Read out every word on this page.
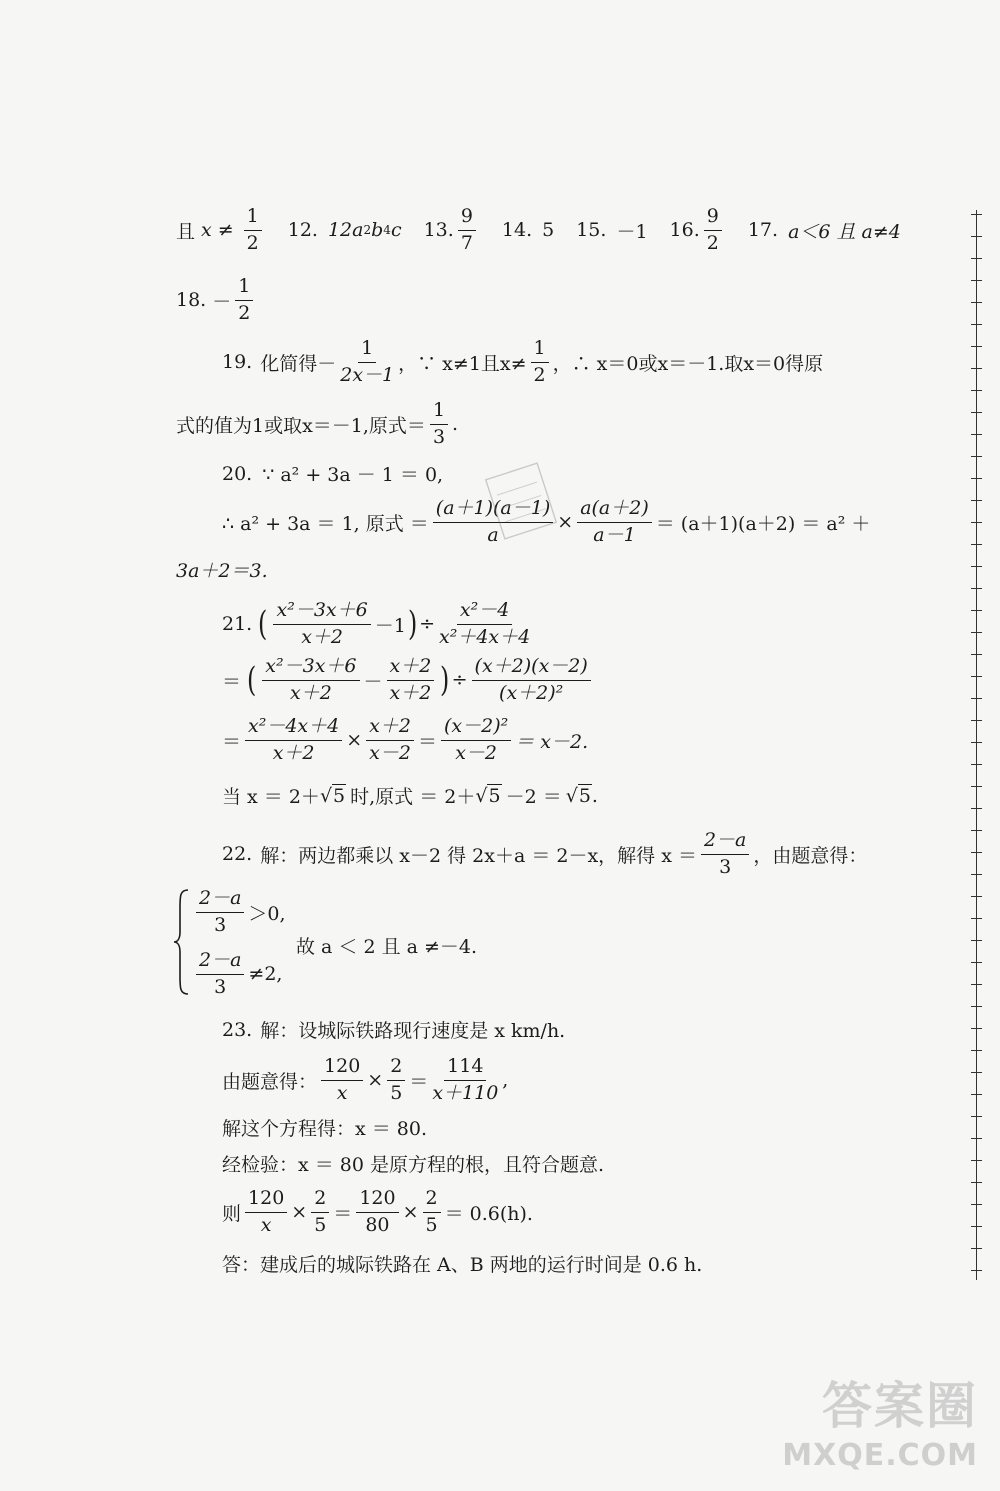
且 $x \ne \frac{1}{2} 12$. 12a 2 b 4 c 13. $\frac{9}{7} 14$. 5 15. －1 16. $\frac{9}{2} 17$. a＜6 且 a≠4
18. － $\frac{1}{2}$
19. 化简得－ $\frac{1}{2x-1}$ ，∵ x≠1且$x\ne \frac{1}{2}$ ，∴ x＝0或x＝－1.取x＝0得原
式的值为1或取x＝－1,原式＝ $\frac{1}{3}$ .
20. ∵ a² + 3a － 1 ＝ 0,
∴ a² + 3a ＝ 1, 原式 ＝ $\frac{(a+1)(a-1)}{a} \times \frac{a(a+2)}{a-1} = (a+1)(a+2) = a^2$ ＋
3a＋2＝3.
21. ( $\frac{\text{x²－3x＋6}}{x+2} -1$ ) ÷ $\frac{\text{x²－4}}{\text{x²＋4x＋4}}$
＝ ( $\frac{\text{x²－3x＋6}}{x+2} - \frac{x+2}{x+2}$ ) ÷ $\frac{(x+2)(x-2)}{\text{(x＋2)²}}$
＝ $\frac{\text{x²－4x＋4}}{x+2} \times \frac{x+2}{x-2} = \frac{\text{(x－2)²}}{x-2} = x-2$.
当 x ＝ 2＋ √ 5 时,原式 ＝ 2＋ √ 5 －2 ＝ √ 5 .
22. 解：两边都乘以 x－2 得 2x＋a ＝ 2－x，解得 $x = \frac{2-a}{3}$ ，由题意得：
$\frac{2-a}{3} >0$,
故 a ＜ 2 且 a ≠－4.
$\frac{2-a}{3} \ne 2$,
23. 解：设城际铁路现行速度是 x km/h.
由题意得： $\frac{120}{x} \times \frac{2}{5} = \frac{114}{x+110}$ ,
解这个方程得：x ＝ 80.
经检验：x ＝ 80 是原方程的根，且符合题意.
则 $\frac{120}{x} \times \frac{2}{5} = \frac{120}{80} \times \frac{2}{5} = 0.6(h)$.
答：建成后的城际铁路在 A、B 两地的运行时间是 0.6 h.
答案圈
MXQE.COM
